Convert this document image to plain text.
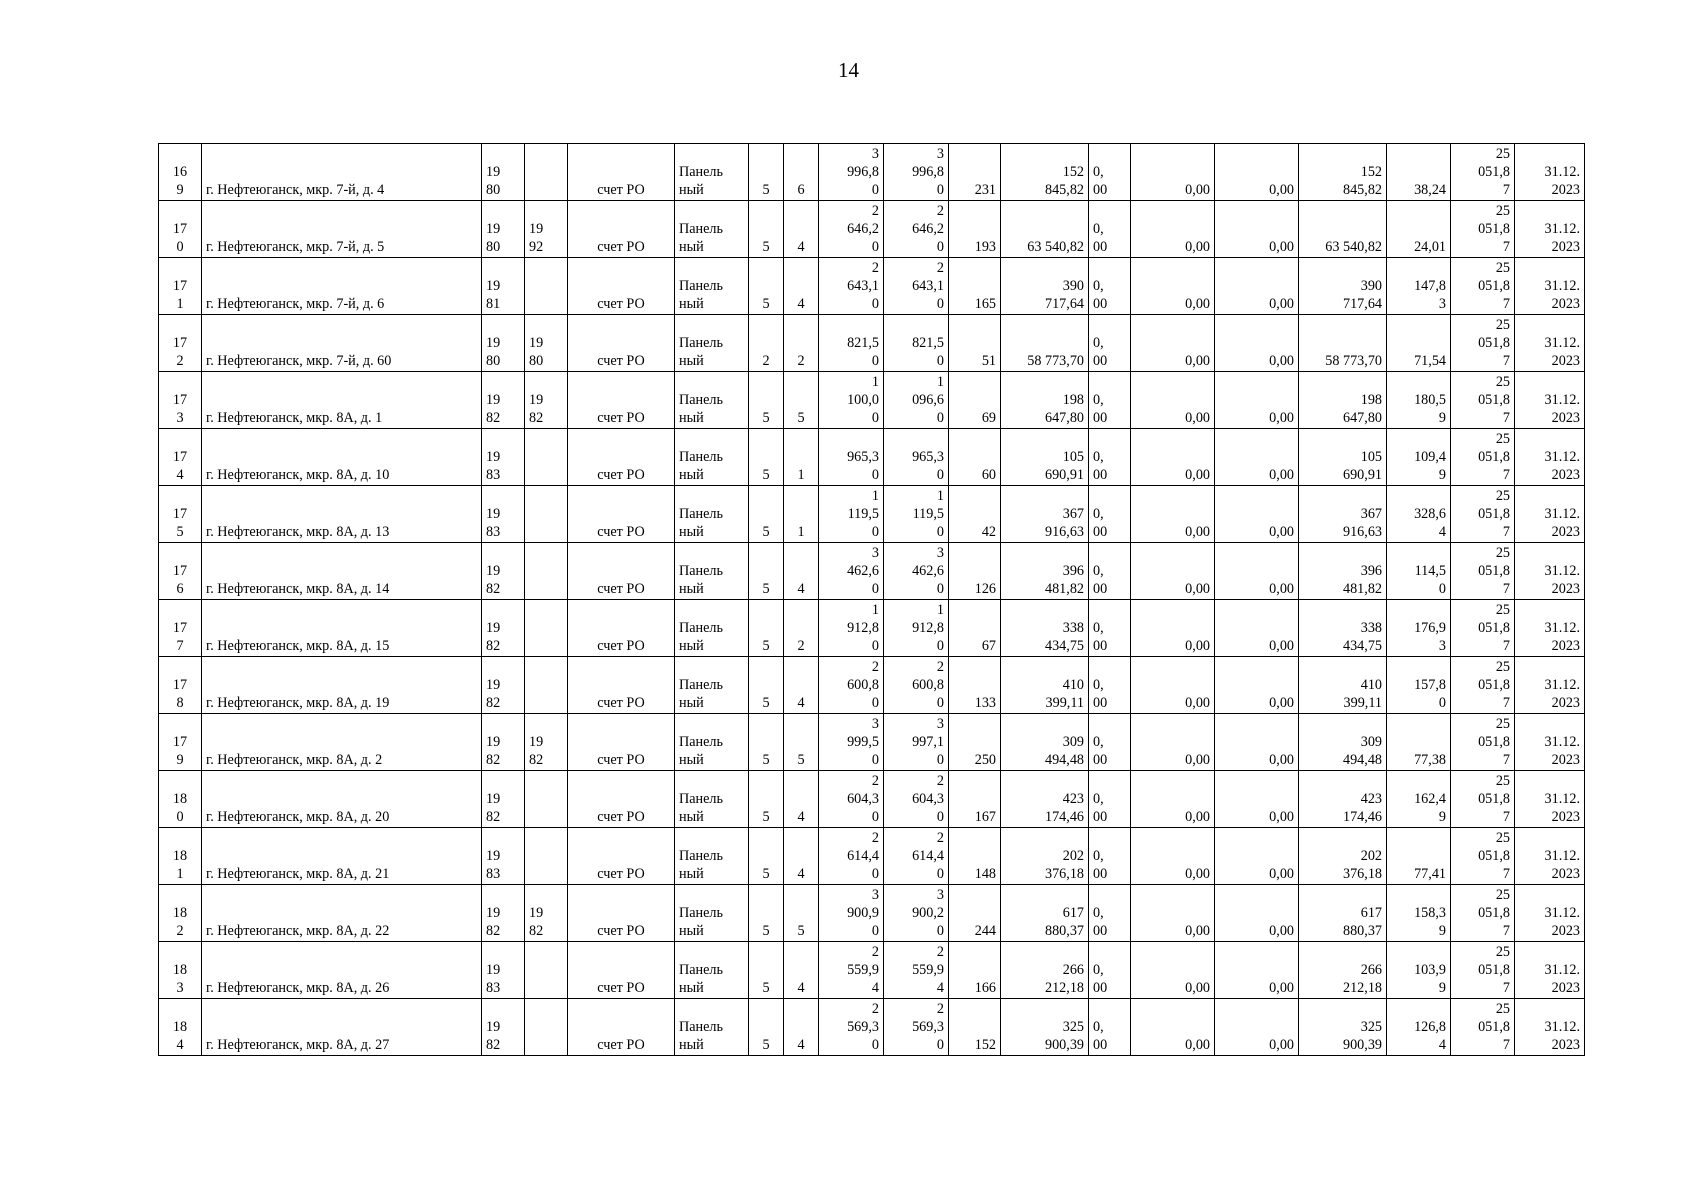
14
16
9	г. Нефтеюганск, мкр. 7-й, д. 4	19
80		счет РО	Панель
ный	5	6	3
996,8
0	3
996,8
0	231	152
845,82	0,
00	0,00	0,00	152
845,82	38,24	25
051,8
7	31.12.
2023

17
0	г. Нефтеюганск, мкр. 7-й, д. 5	19
80	19
92	счет РО	Панель
ный	5	4	2
646,2
0	2
646,2
0	193	63 540,82	0,
00	0,00	0,00	63 540,82	24,01	25
051,8
7	31.12.
2023

17
1	г. Нефтеюганск, мкр. 7-й, д. 6	19
81		счет РО	Панель
ный	5	4	2
643,1
0	2
643,1
0	165	390
717,64	0,
00	0,00	0,00	390
717,64	147,8
3	25
051,8
7	31.12.
2023

17
2	г. Нефтеюганск, мкр. 7-й, д. 60	19
80	19
80	счет РО	Панель
ный	2	2	821,5
0	821,5
0	51	58 773,70	0,
00	0,00	0,00	58 773,70	71,54	25
051,8
7	31.12.
2023

17
3	г. Нефтеюганск, мкр. 8А, д. 1	19
82	19
82	счет РО	Панель
ный	5	5	1
100,0
0	1
096,6
0	69	198
647,80	0,
00	0,00	0,00	198
647,80	180,5
9	25
051,8
7	31.12.
2023

17
4	г. Нефтеюганск, мкр. 8А, д. 10	19
83		счет РО	Панель
ный	5	1	965,3
0	965,3
0	60	105
690,91	0,
00	0,00	0,00	105
690,91	109,4
9	25
051,8
7	31.12.
2023

17
5	г. Нефтеюганск, мкр. 8А, д. 13	19
83		счет РО	Панель
ный	5	1	1
119,5
0	1
119,5
0	42	367
916,63	0,
00	0,00	0,00	367
916,63	328,6
4	25
051,8
7	31.12.
2023

17
6	г. Нефтеюганск, мкр. 8А, д. 14	19
82		счет РО	Панель
ный	5	4	3
462,6
0	3
462,6
0	126	396
481,82	0,
00	0,00	0,00	396
481,82	114,5
0	25
051,8
7	31.12.
2023

17
7	г. Нефтеюганск, мкр. 8А, д. 15	19
82		счет РО	Панель
ный	5	2	1
912,8
0	1
912,8
0	67	338
434,75	0,
00	0,00	0,00	338
434,75	176,9
3	25
051,8
7	31.12.
2023

17
8	г. Нефтеюганск, мкр. 8А, д. 19	19
82		счет РО	Панель
ный	5	4	2
600,8
0	2
600,8
0	133	410
399,11	0,
00	0,00	0,00	410
399,11	157,8
0	25
051,8
7	31.12.
2023

17
9	г. Нефтеюганск, мкр. 8А, д. 2	19
82	19
82	счет РО	Панель
ный	5	5	3
999,5
0	3
997,1
0	250	309
494,48	0,
00	0,00	0,00	309
494,48	77,38	25
051,8
7	31.12.
2023

18
0	г. Нефтеюганск, мкр. 8А, д. 20	19
82		счет РО	Панель
ный	5	4	2
604,3
0	2
604,3
0	167	423
174,46	0,
00	0,00	0,00	423
174,46	162,4
9	25
051,8
7	31.12.
2023

18
1	г. Нефтеюганск, мкр. 8А, д. 21	19
83		счет РО	Панель
ный	5	4	2
614,4
0	2
614,4
0	148	202
376,18	0,
00	0,00	0,00	202
376,18	77,41	25
051,8
7	31.12.
2023

18
2	г. Нефтеюганск, мкр. 8А, д. 22	19
82	19
82	счет РО	Панель
ный	5	5	3
900,9
0	3
900,2
0	244	617
880,37	0,
00	0,00	0,00	617
880,37	158,3
9	25
051,8
7	31.12.
2023

18
3	г. Нефтеюганск, мкр. 8А, д. 26	19
83		счет РО	Панель
ный	5	4	2
559,9
4	2
559,9
4	166	266
212,18	0,
00	0,00	0,00	266
212,18	103,9
9	25
051,8
7	31.12.
2023

18
4	г. Нефтеюганск, мкр. 8А, д. 27	19
82		счет РО	Панель
ный	5	4	2
569,3
0	2
569,3
0	152	325
900,39	0,
00	0,00	0,00	325
900,39	126,8
4	25
051,8
7	31.12.
2023
